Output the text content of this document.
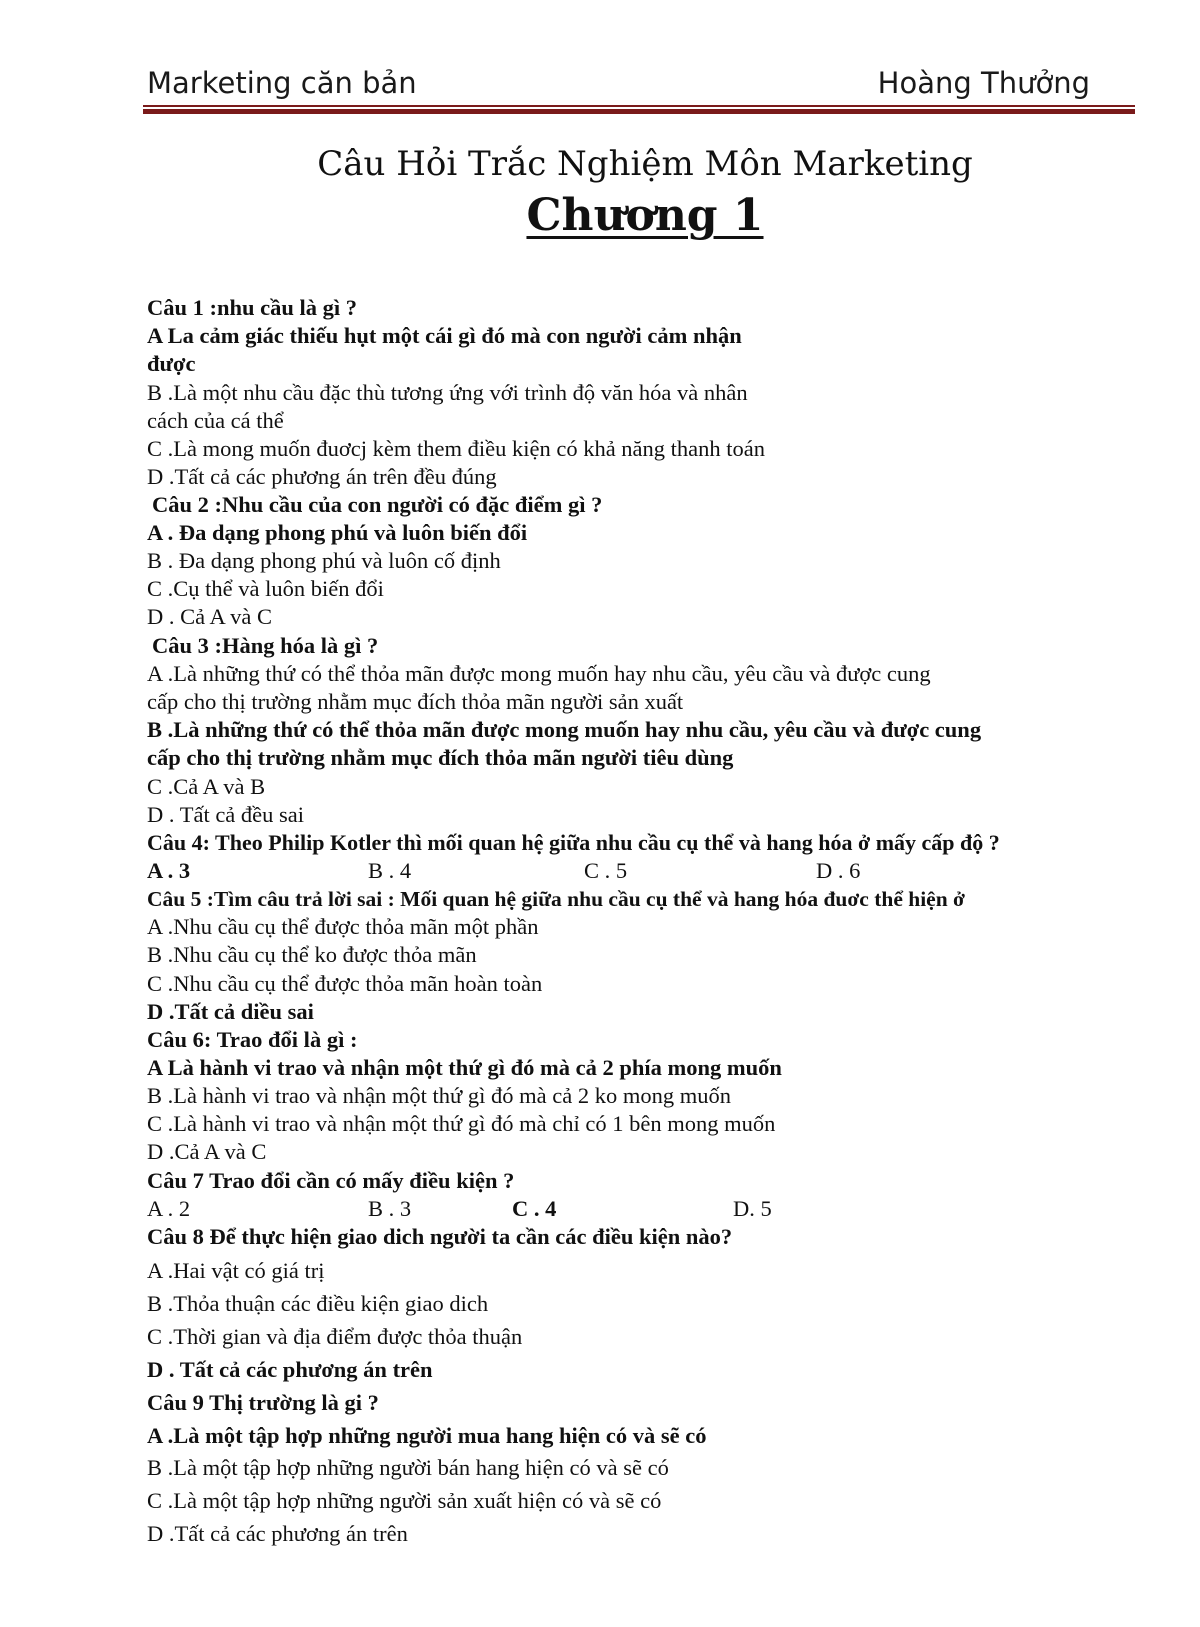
Marketing căn bản	Hoàng Thưởng
Câu Hỏi Trắc Nghiệm Môn Marketing
Chương 1
Câu 1 :nhu cầu là gì ?
A La cảm giác thiếu hụt một cái gì đó mà con người cảm nhận
được
B .Là một nhu cầu đặc thù tương ứng với trình độ văn hóa và nhân
cách của cá thể
C .Là mong muốn đuơcj kèm them điều kiện có khả năng thanh toán
D .Tất cả các phương án trên đều đúng
Câu 2 :Nhu cầu của con người có đặc điểm gì ?
A . Đa dạng phong phú và luôn biến đổi
B . Đa dạng phong phú và luôn cố định
C .Cụ thể và luôn biến đổi
D . Cả A và C
Câu 3 :Hàng hóa là gì ?
A .Là những thứ có thể thỏa mãn được mong muốn hay nhu cầu, yêu cầu và được cung
cấp cho thị trường nhằm mục đích thỏa mãn người sản xuất
B .Là những thứ có thể thỏa mãn được mong muốn hay nhu cầu, yêu cầu và được cung
cấp cho thị trường nhằm mục đích thỏa mãn người tiêu dùng
C .Cả A và B
D . Tất cả đều sai
Câu 4: Theo Philip Kotler thì mối quan hệ giữa nhu cầu cụ thể và hang hóa ở mấy cấp độ ?
A . 3	B . 4	C . 5	D . 6
Câu 5 :Tìm câu trả lời sai : Mối quan hệ giữa nhu cầu cụ thể và hang hóa đuơc thể hiện ở
A .Nhu cầu cụ thể được thỏa mãn một phần
B .Nhu cầu cụ thể ko được thỏa mãn
C .Nhu cầu cụ thể được thỏa mãn hoàn toàn
D .Tất cả diều sai
Câu 6: Trao đổi là gì :
A Là hành vi trao và nhận một thứ gì đó mà cả 2 phía mong muốn
B .Là hành vi trao và nhận một thứ gì đó mà cả 2 ko mong muốn
C .Là hành vi trao và nhận một thứ gì đó mà chỉ có 1 bên mong muốn
D .Cả A và C
Câu 7 Trao đổi cần có mấy điều kiện ?
A . 2	B . 3	C . 4	D. 5
Câu 8 Để thực hiện giao dich người ta cần các điều kiện nào?
A .Hai vật có giá trị
B .Thỏa thuận các điều kiện giao dich
C .Thời gian và địa điểm được thỏa thuận
D . Tất cả các phương án trên
Câu 9 Thị trường là gi ?
A .Là một tập hợp những người mua hang hiện có và sẽ có
B .Là một tập hợp những người bán hang hiện có và sẽ có
C .Là một tập hợp những người sản xuất hiện có và sẽ có
D .Tất cả các phương án trên
